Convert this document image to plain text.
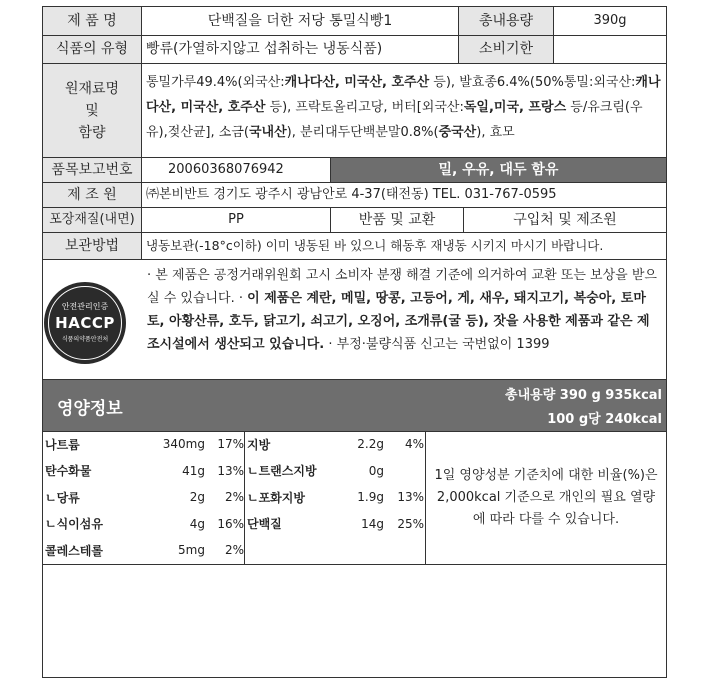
제 품 명	단백질을 더한 저당 통밀식빵1	총내용량	390g
식품의 유형	빵류(가열하지않고 섭취하는 냉동식품)	소비기한
원재료명
및
함량
통밀가루49.4%(외국산:캐나다산, 미국산, 호주산 등), 발효종6.4%(50%통밀:외국산:캐나다산, 미국산, 호주산 등), 프락토올리고당, 버터[외국산:독일,미국, 프랑스 등/유크림(우유),젖산균], 소금(국내산), 분리대두단백분말0.8%(중국산), 효모
품목보고번호	20060368076942	밀, 우유, 대두 함유
제 조 원	㈜본비반트 경기도 광주시 광남안로 4-37(태전동) TEL. 031-767-0595
포장재질(내면)	PP	반품 및 교환	구입처 및 제조원
보관방법	냉동보관(-18°c이하) 이미 냉동된 바 있으니 해동후 재냉동 시키지 마시기 바랍니다.
안전관리인증
HACCP
식품의약품안전처
· 본 제품은 공정거래위원회 고시 소비자 분쟁 해결 기준에 의거하여 교환 또는 보상을 받으실 수 있습니다. · 이 제품은 계란, 메밀, 땅콩, 고등어, 게, 새우, 돼지고기, 복숭아, 토마토, 아황산류, 호두, 닭고기, 쇠고기, 오징어, 조개류(굴 등), 잣을 사용한 제품과 같은 제조시설에서 생산되고 있습니다. · 부정·불량식품 신고는 국번없이 1399
영양정보
총내용량 390 g 935kcal
100 g당 240kcal
나트륨	340mg 17%
탄수화물	41g 13%
ㄴ당류	2g 2%
ㄴ식이섬유	4g 16%
콜레스테롤	5mg 2%
지방	2.2g 4%
ㄴ트랜스지방	0g
ㄴ포화지방	1.9g 13%
단백질	14g 25%
1일 영양성분 기준치에 대한 비율(%)은 2,000kcal 기준으로 개인의 필요 열량에 따라 다를 수 있습니다.
